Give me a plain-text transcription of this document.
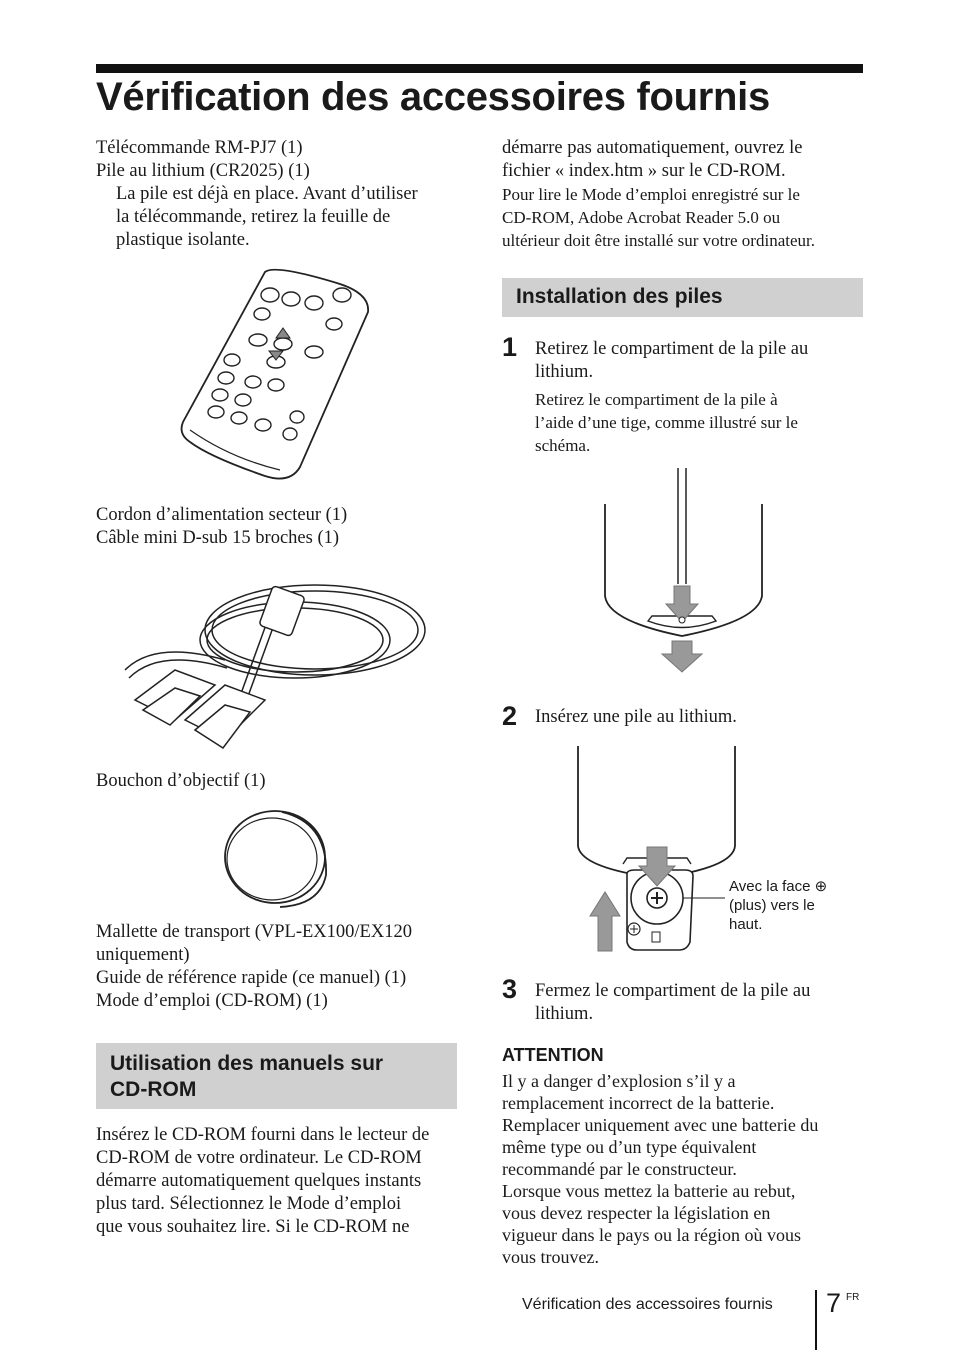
Vérification des accessoires fournis
Télécommande RM-PJ7 (1)
Pile au lithium (CR2025) (1)
La pile est déjà en place. Avant d’utiliser
la télécommande, retirez la feuille de
plastique isolante.
Cordon d’alimentation secteur (1)
Câble mini D-sub 15 broches (1)
Bouchon d’objectif (1)
Mallette de transport (VPL-EX100/EX120
uniquement)
Guide de référence rapide (ce manuel) (1)
Mode d’emploi (CD-ROM) (1)
Utilisation des manuels sur
CD-ROM
Insérez le CD-ROM fourni dans le lecteur de
CD-ROM de votre ordinateur. Le CD-ROM
démarre automatiquement quelques instants
plus tard. Sélectionnez le Mode d’emploi
que vous souhaitez lire. Si le CD-ROM ne
démarre pas automatiquement, ouvrez le
fichier « index.htm » sur le CD-ROM.
Pour lire le Mode d’emploi enregistré sur le
CD-ROM, Adobe Acrobat Reader 5.0 ou
ultérieur doit être installé sur votre ordinateur.
Installation des piles
1 Retirez le compartiment de la pile au
lithium.
Retirez le compartiment de la pile à
l’aide d’une tige, comme illustré sur le
schéma.
2 Insérez une pile au lithium.
Avec la face ⊕
(plus) vers le
haut.
3 Fermez le compartiment de la pile au
lithium.
ATTENTION
Il y a danger d’explosion s’il y a
remplacement incorrect de la batterie.
Remplacer uniquement avec une batterie du
même type ou d’un type équivalent
recommandé par le constructeur.
Lorsque vous mettez la batterie au rebut,
vous devez respecter la législation en
vigueur dans le pays ou la région où vous
vous trouvez.
Vérification des accessoires fournis 7 FR
